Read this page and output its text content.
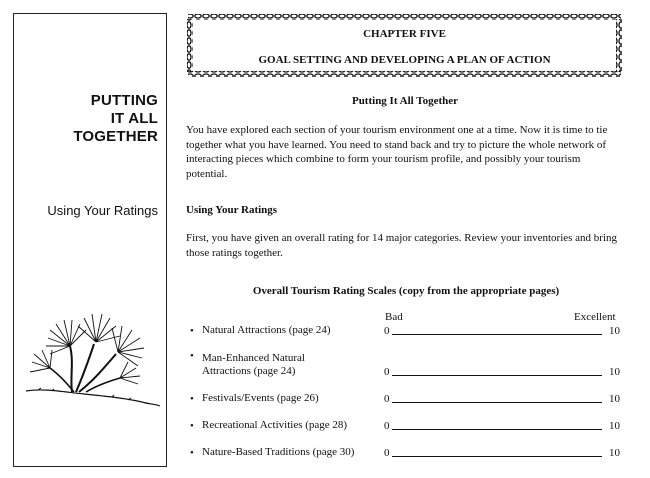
PUTTING
IT ALL
TOGETHER
Using Your Ratings
CHAPTER FIVE
GOAL SETTING AND DEVELOPING A PLAN OF ACTION
Putting It All Together
You have explored each section of your tourism environment one at a time. Now it is time to tie together what you have learned. You need to stand back and try to picture the whole network of interacting pieces which combine to form your tourism profile, and possibly your tourism potential.
Using Your Ratings
First, you have given an overall rating for 14 major categories. Review your inventories and bring those ratings together.
Overall Tourism Rating Scales (copy from the appropriate pages)
Bad	Excellent
• Natural Attractions (page 24)	0	10
• Man-Enhanced Natural
Attractions (page 24)	0	10
• Festivals/Events (page 26)	0	10
• Recreational Activities (page 28)	0	10
• Nature-Based Traditions (page 30)	0	10
